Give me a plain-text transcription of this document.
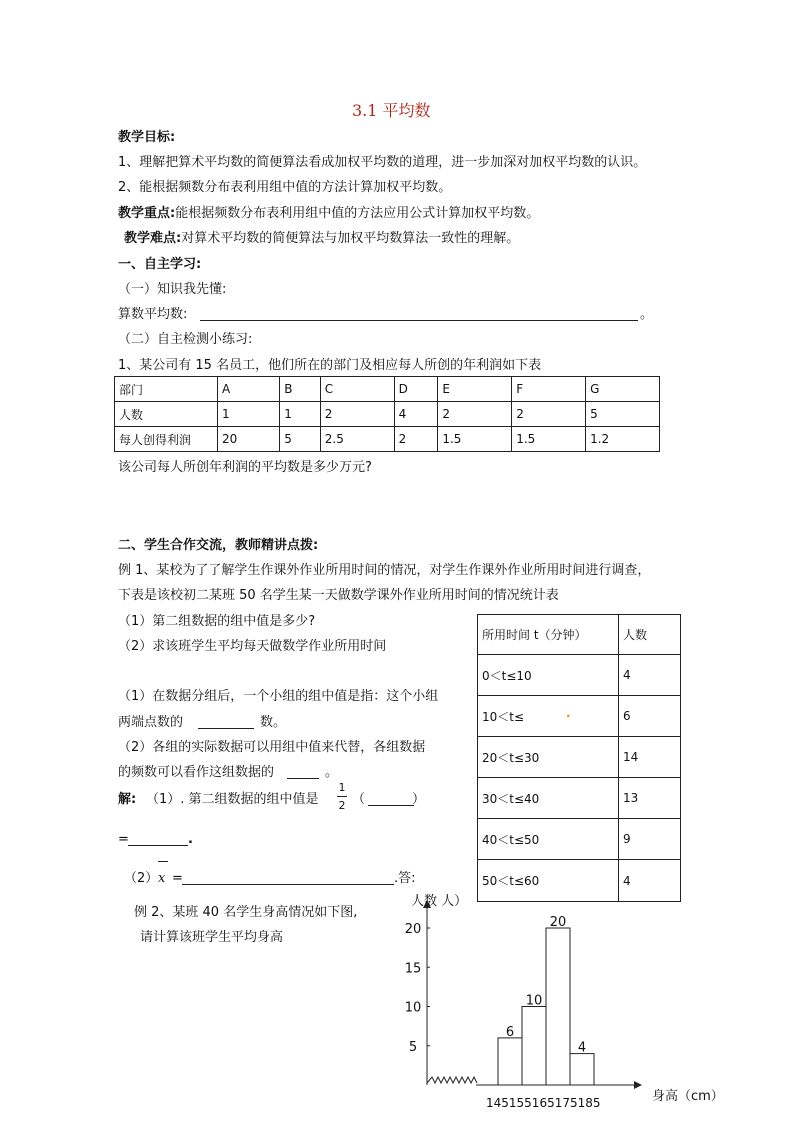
3.1 平均数
教学目标:
1、理解把算术平均数的简便算法看成加权平均数的道理，进一步加深对加权平均数的认识。
2、能根据频数分布表利用组中值的方法计算加权平均数。
教学重点:能根据频数分布表利用组中值的方法应用公式计算加权平均数。
教学难点:对算术平均数的简便算法与加权平均数算法一致性的理解。
一、自主学习:
（一）知识我先懂:
算数平均数:	。
（二）自主检测小练习:
1、某公司有 15 名员工，他们所在的部门及相应每人所创的年利润如下表
部门	A	B	C	D	E	F	G
人数	1	1	2	4	2	2	5
每人创得利润	20	5	2.5	2	1.5	1.5	1.2
该公司每人所创年利润的平均数是多少万元?
二、学生合作交流，教师精讲点拨:
例 1、某校为了了解学生作课外作业所用时间的情况，对学生作课外作业所用时间进行调查，
下表是该校初二某班 50 名学生某一天做数学课外作业所用时间的情况统计表
（1）第二组数据的组中值是多少?
（2）求该班学生平均每天做数学作业所用时间
（1）在数据分组后，一个小组的组中值是指：这个小组
两端点数的	数。
（2）各组的实际数据可以用组中值来代替，各组数据
的频数可以看作这组数据的	。
解: （1）. 第二组数据的组中值是
1
2 （	）
=	.
（2） x =	.答:
所用时间 t（分钟）	人数
0＜t≤10	4
10＜t≤ .	6
20＜t≤30	14
30＜t≤40	13
40＜t≤50	9
50＜t≤60	4
例 2、某班 40 名学生身高情况如下图,
请计算该班学生平均身高
5
10
15
20
6
10
20
4
人数 人）
身高（cm）
145155165175185
